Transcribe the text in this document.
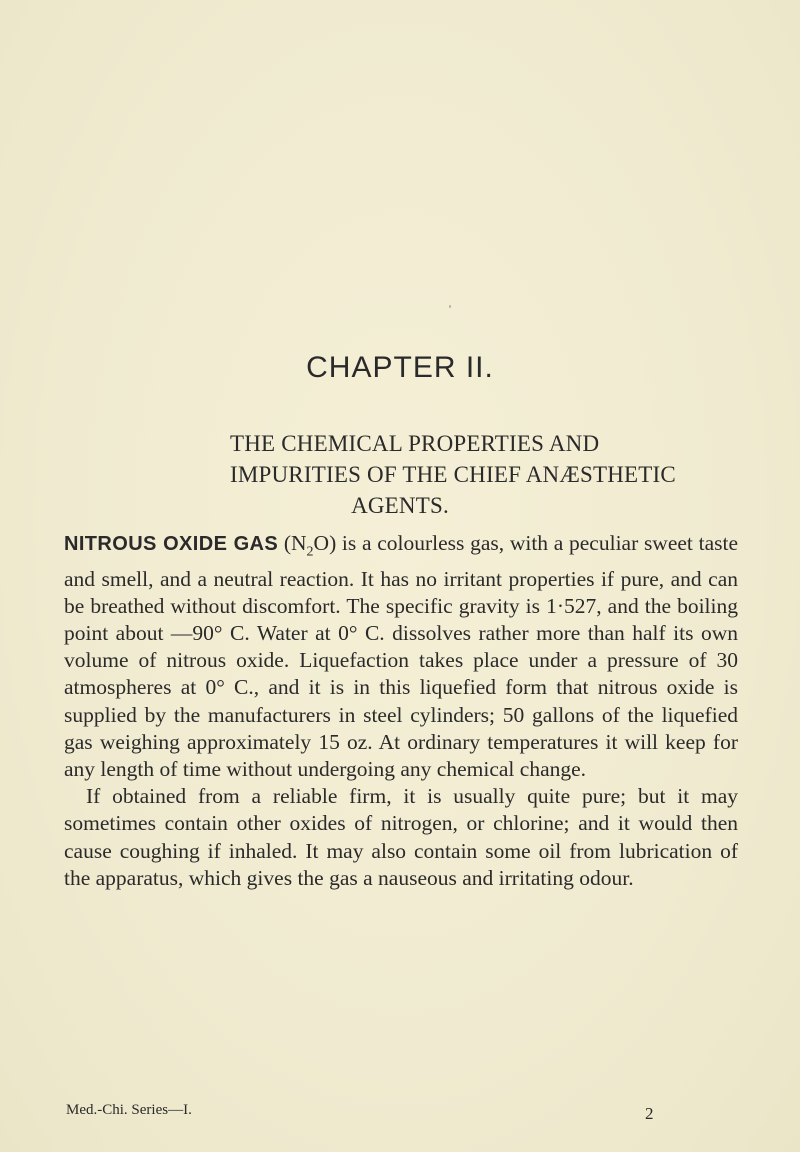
CHAPTER II.
THE CHEMICAL PROPERTIES AND
IMPURITIES OF THE CHIEF ANÆSTHETIC
AGENTS.

NITROUS OXIDE GAS $(N_2O)$ is a colourless gas, with a peculiar sweet taste and smell, and a neutral reaction. It has no irritant properties if pure, and can be breathed without discomfort. The specific gravity is 1·527, and the boiling point about —90° C. Water at 0° C. dissolves rather more than half its own volume of nitrous oxide. Liquefaction takes place under a pressure of 30 atmospheres at 0° C., and it is in this liquefied form that nitrous oxide is supplied by the manufacturers in steel cylinders; 50 gallons of the liquefied gas weighing approximately 15 oz. At ordinary temperatures it will keep for any length of time without undergoing any chemical change.

If obtained from a reliable firm, it is usually quite pure; but it may sometimes contain other oxides of nitrogen, or chlorine; and it would then cause coughing if inhaled. It may also contain some oil from lubrication of the apparatus, which gives the gas a nauseous and irritating odour.

Med.-Chi. Series—I.	2
